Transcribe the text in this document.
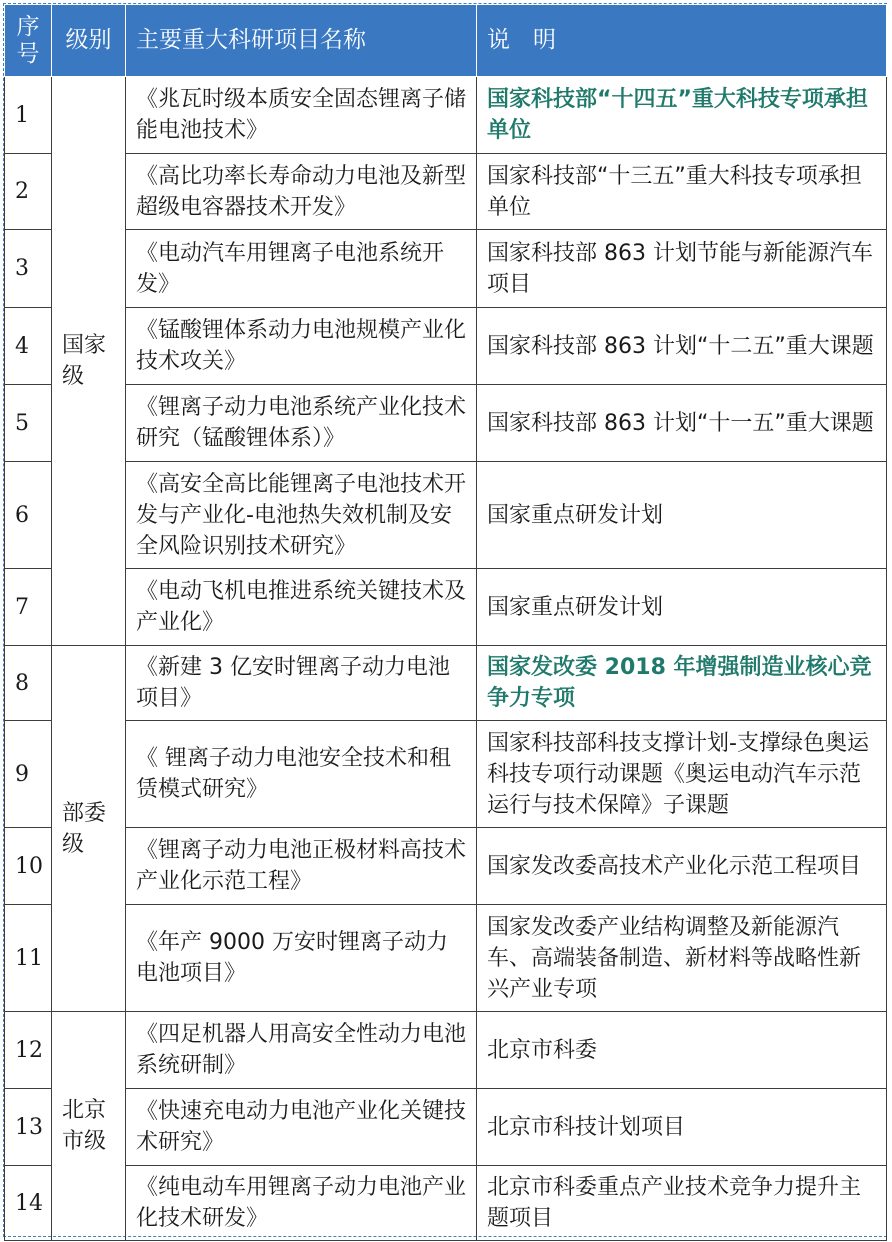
序号	级别	主要重大科研项目名称	说　明
1	国家级	《兆瓦时级本质安全固态锂离子储能电池技术》	国家科技部“十四五”重大科技专项承担单位
2		《高比功率长寿命动力电池及新型超级电容器技术开发》	国家科技部“十三五”重大科技专项承担单位
3		《电动汽车用锂离子电池系统开发》	国家科技部 863 计划节能与新能源汽车项目
4		《锰酸锂体系动力电池规模产业化技术攻关》	国家科技部 863 计划“十二五”重大课题
5		《锂离子动力电池系统产业化技术研究（锰酸锂体系）》	国家科技部 863 计划“十一五”重大课题
6		《高安全高比能锂离子电池技术开发与产业化-电池热失效机制及安全风险识别技术研究》	国家重点研发计划
7		《电动飞机电推进系统关键技术及产业化》	国家重点研发计划
8	部委级	《新建 3 亿安时锂离子动力电池项目》	国家发改委 2018 年增强制造业核心竞争力专项
9		《 锂离子动力电池安全技术和租赁模式研究》	国家科技部科技支撑计划-支撑绿色奥运科技专项行动课题《奥运电动汽车示范运行与技术保障》子课题
10		《锂离子动力电池正极材料高技术产业化示范工程》	国家发改委高技术产业化示范工程项目
11		《年产 9000 万安时锂离子动力电池项目》	国家发改委产业结构调整及新能源汽车、高端装备制造、新材料等战略性新兴产业专项
12	北京市级	《四足机器人用高安全性动力电池系统研制》	北京市科委
13		《快速充电动力电池产业化关键技术研究》	北京市科技计划项目
14		《纯电动车用锂离子动力电池产业化技术研发》	北京市科委重点产业技术竞争力提升主题项目
